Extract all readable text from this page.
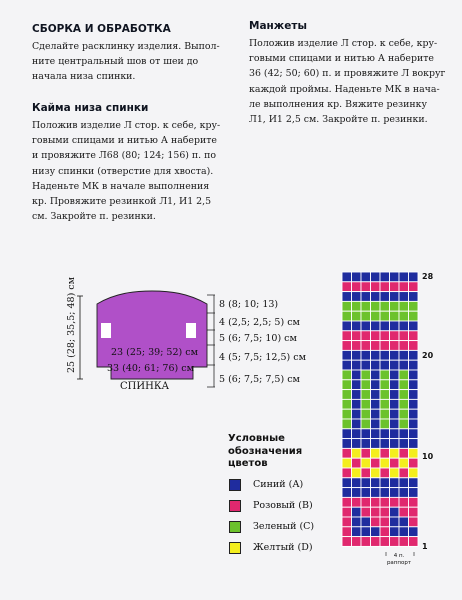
СБОРКА И ОБРАБОТКА
Сделайте расклинку изделия. Выпол-
ните центральный шов от шеи до
начала низа спинки.
Кайма низа спинки
Положив изделие Л стор. к себе, кру-
говыми спицами и нитью А наберите
и провяжите Л68 (80; 124; 156) п. по
низу спинки (отверстие для хвоста).
Наденьте МК в начале выполнения
кр. Провяжите резинкой Л1, И1 2,5
см. Закройте п. резинки.
Манжеты
Положив изделие Л стор. к себе, кру-
говыми спицами и нитью А наберите
36 (42; 50; 60) п. и провяжите Л вокруг
каждой проймы. Наденьте МК в нача-
ле выполнения кр. Вяжите резинку
Л1, И1 2,5 см. Закройте п. резинки.
25 (28; 35,5; 48) см	23 (25; 39; 52) см
33 (40; 61; 76) см
СПИНКА
8 (8; 10; 13)
4 (2,5; 2,5; 5) см
5 (6; 7,5; 10) см
4 (5; 7,5; 12,5) см
5 (6; 7,5; 7,5) см
Условные
обозначения
цветов
Синий (А)
Розовый (В)
Зеленый (С)
Желтый (D)
28
20
10
1
4 п.
раппорт
